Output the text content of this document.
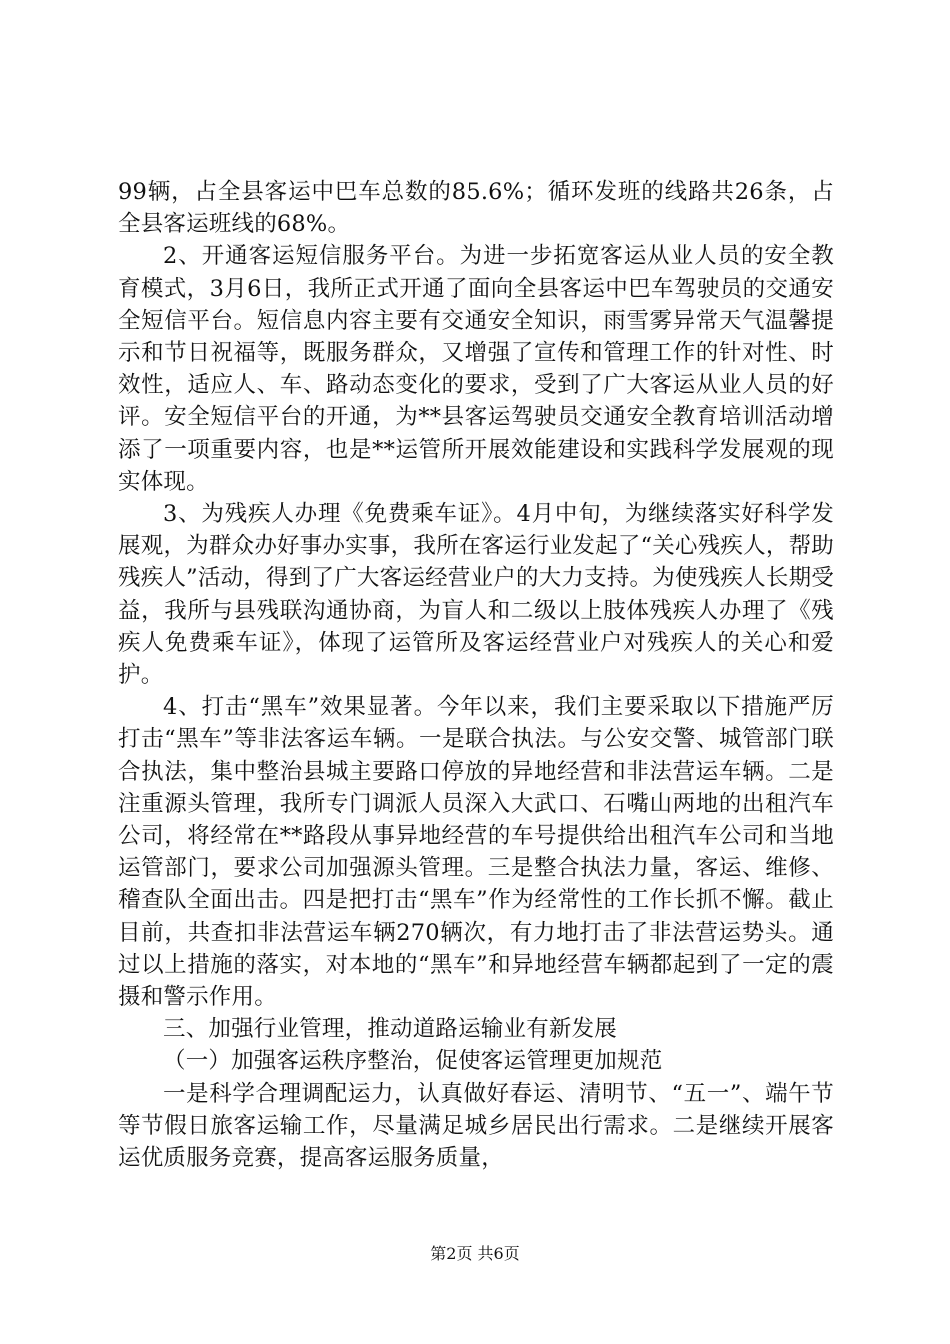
99辆，占全县客运中巴车总数的85.6%；循环发班的线路共26条，占全县客运班线的68%。

2、开通客运短信服务平台。为进一步拓宽客运从业人员的安全教育模式，3月6日，我所正式开通了面向全县客运中巴车驾驶员的交通安全短信平台。短信息内容主要有交通安全知识，雨雪雾异常天气温馨提示和节日祝福等，既服务群众，又增强了宣传和管理工作的针对性、时效性，适应人、车、路动态变化的要求，受到了广大客运从业人员的好评。安全短信平台的开通，为**县客运驾驶员交通安全教育培训活动增添了一项重要内容，也是**运管所开展效能建设和实践科学发展观的现实体现。

3、为残疾人办理《免费乘车证》。4月中旬，为继续落实好科学发展观，为群众办好事办实事，我所在客运行业发起了“关心残疾人，帮助残疾人”活动，得到了广大客运经营业户的大力支持。为使残疾人长期受益，我所与县残联沟通协商，为盲人和二级以上肢体残疾人办理了《残疾人免费乘车证》，体现了运管所及客运经营业户对残疾人的关心和爱护。

4、打击“黑车”效果显著。今年以来，我们主要采取以下措施严厉打击“黑车”等非法客运车辆。一是联合执法。与公安交警、城管部门联合执法，集中整治县城主要路口停放的异地经营和非法营运车辆。二是注重源头管理，我所专门调派人员深入大武口、石嘴山两地的出租汽车公司，将经常在**路段从事异地经营的车号提供给出租汽车公司和当地运管部门，要求公司加强源头管理。三是整合执法力量，客运、维修、稽查队全面出击。四是把打击“黑车”作为经常性的工作长抓不懈。截止目前，共查扣非法营运车辆270辆次，有力地打击了非法营运势头。通过以上措施的落实，对本地的“黑车”和异地经营车辆都起到了一定的震摄和警示作用。

三、加强行业管理，推动道路运输业有新发展

（一）加强客运秩序整治，促使客运管理更加规范

一是科学合理调配运力，认真做好春运、清明节、“五一”、端午节等节假日旅客运输工作，尽量满足城乡居民出行需求。二是继续开展客运优质服务竞赛，提高客运服务质量，

第2页 共6页
